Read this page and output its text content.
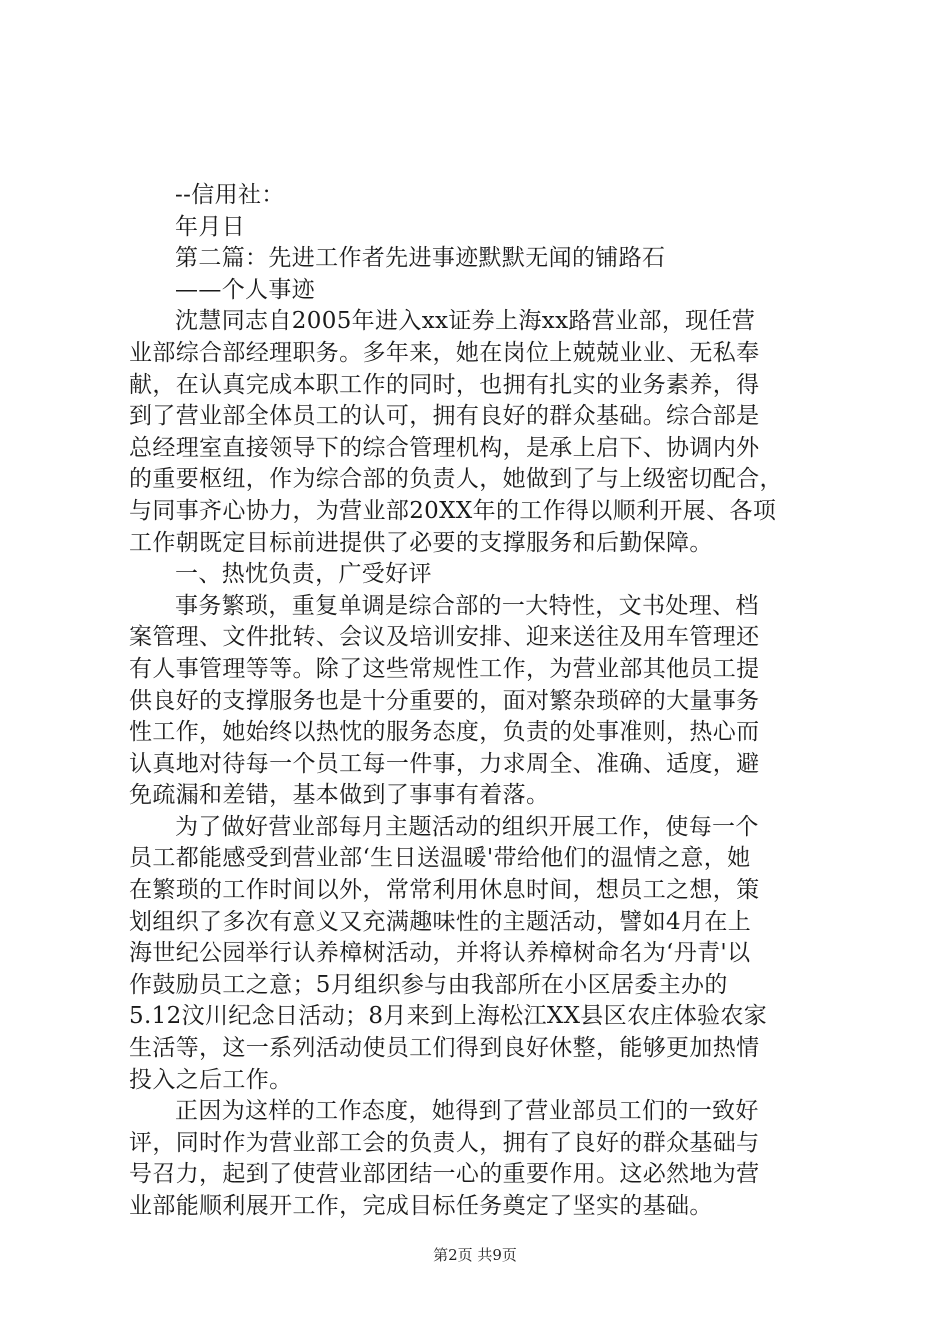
--信用社：
年月日
第二篇：先进工作者先进事迹默默无闻的铺路石
——个人事迹
沈慧同志自2005年进入xx证券上海xx路营业部，现任营
业部综合部经理职务。多年来，她在岗位上兢兢业业、无私奉
献，在认真完成本职工作的同时，也拥有扎实的业务素养，得
到了营业部全体员工的认可，拥有良好的群众基础。综合部是
总经理室直接领导下的综合管理机构，是承上启下、协调内外
的重要枢纽，作为综合部的负责人，她做到了与上级密切配合，
与同事齐心协力，为营业部20XX年的工作得以顺利开展、各项
工作朝既定目标前进提供了必要的支撑服务和后勤保障。
一、热忱负责，广受好评
事务繁琐，重复单调是综合部的一大特性，文书处理、档
案管理、文件批转、会议及培训安排、迎来送往及用车管理还
有人事管理等等。除了这些常规性工作，为营业部其他员工提
供良好的支撑服务也是十分重要的，面对繁杂琐碎的大量事务
性工作，她始终以热忱的服务态度，负责的处事准则，热心而
认真地对待每一个员工每一件事，力求周全、准确、适度，避
免疏漏和差错，基本做到了事事有着落。
为了做好营业部每月主题活动的组织开展工作，使每一个
员工都能感受到营业部‘生日送温暖'带给他们的温情之意，她
在繁琐的工作时间以外，常常利用休息时间，想员工之想，策
划组织了多次有意义又充满趣味性的主题活动，譬如4月在上
海世纪公园举行认养樟树活动，并将认养樟树命名为‘丹青'以
作鼓励员工之意；5月组织参与由我部所在小区居委主办的
5.12汶川纪念日活动；8月来到上海松江XX县区农庄体验农家
生活等，这一系列活动使员工们得到良好休整，能够更加热情
投入之后工作。
正因为这样的工作态度，她得到了营业部员工们的一致好
评，同时作为营业部工会的负责人，拥有了良好的群众基础与
号召力，起到了使营业部团结一心的重要作用。这必然地为营
业部能顺利展开工作，完成目标任务奠定了坚实的基础。
第2页 共9页
